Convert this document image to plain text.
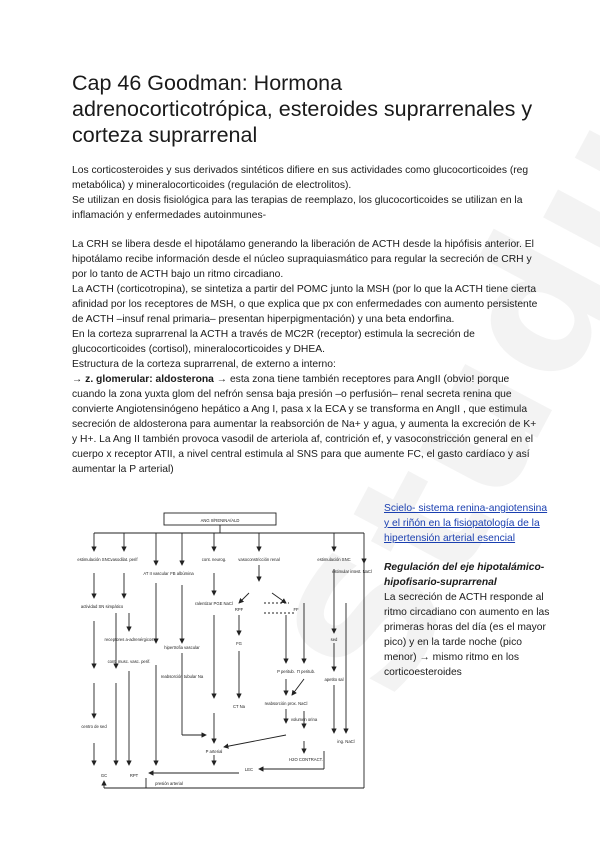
Cap 46 Goodman: Hormona adrenocorticotrópica, esteroides suprarrenales y corteza suprarrenal

Los corticosteroides y sus derivados sintéticos difiere en sus actividades como glucocorticoides (reg metabólica) y mineralocorticoides (regulación de electrolitos).

Se utilizan en dosis fisiológica para las terapias de reemplazo, los glucocorticoides se utilizan en la inflamación y enfermedades autoinmunes-

La CRH se libera desde el hipotálamo generando la liberación de ACTH desde la hipófisis anterior. El hipotálamo recibe información desde el núcleo supraquiasmático para regular la secreción de CRH y por lo tanto de ACTH bajo un ritmo circadiano.

La ACTH (corticotropina), se sintetiza a partir del POMC junto la MSH (por lo que la ACTH tiene cierta afinidad por los receptores de MSH, o que explica que px con enfermedades con aumento persistente de ACTH –insuf renal primaria– presentan hiperpigmentación) y una beta endorfina.

En la corteza suprarrenal la ACTH a través de MC2R (receptor) estimula la secreción de glucocorticoides (cortisol), mineralocorticoides y DHEA.

Estructura de la corteza suprarrenal, de externo a interno:

→ z. glomerular: aldosterona → esta zona tiene también receptores para AngII (obvio! porque cuando la zona yuxta glom del nefrón sensa baja presión –o perfusión– renal secreta renina que convierte Angiotensinógeno hepático a Ang I, pasa x la ECA y se transforma en AngII , que estimula secreción de aldosterona para aumentar la reabsorción de Na+ y agua, y aumenta la excreción de K+ y H+. La Ang II también provoca vasodil de arteriola af, contrición ef, y vasoconstricción general en el cuerpo x receptor ATII, a nivel central estimula al SNS para que aumente FC, el gasto cardíaco y así aumentar la P arterial)

ANG II/RENINA/ALD
estimulación SNC vasodilat. perif
AT II vascular FB albúmina
hipertrofia vascular
cont. neurog.
ralentizar PGE NaCl
vasoconstricción renal	estimulación SNC
estimular intest. NaCl
actividad SN simpático
receptores a-adrenérgicos
cont. musc. vasc. perif.
reabsorción tubular Na
RPF	FF
FG
P peritub. Π peritub.
sed
apetito sal
CT Na
reabsorción prox. NaCl
volumen orina
P arterial
GC	RPT
ing. NaCl
H2O CONTRACT.
LEC
presión arterial
centro de sed

Scielo- sistema renina-angiotensina y el riñón en la fisiopatología de la hipertensión arterial esencial

Regulación del eje hipotalámico-hipofisario-suprarrenal

La secreción de ACTH responde al ritmo circadiano con aumento en las primeras horas del día (es el mayor pico) y en la tarde noche (pico menor) → mismo ritmo en los corticoesteroides
